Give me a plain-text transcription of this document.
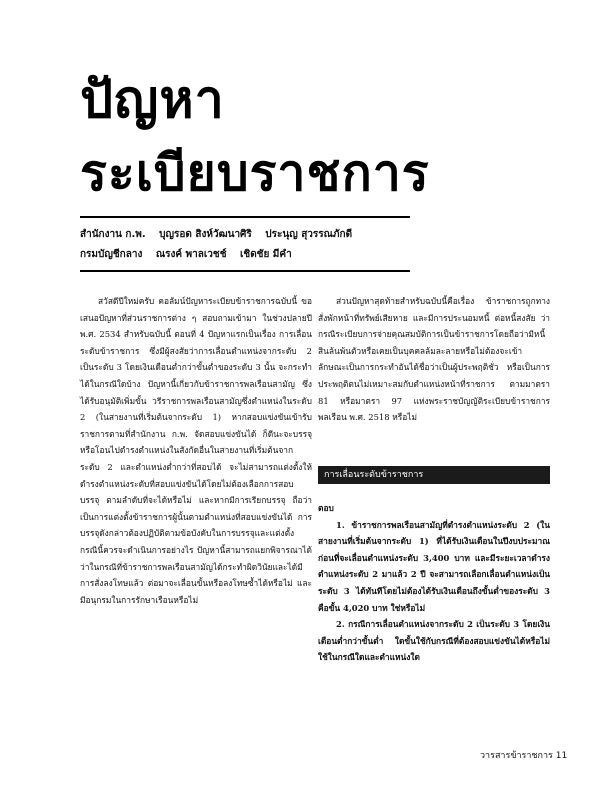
ปัญหา
ระเบียบราชการ
สำนักงาน ก.พ. บุญรอด สิงห์วัฒนาศิริ ประนุญ สุวรรณภักดี
กรมบัญชีกลาง ณรงค์ พาลเวชช์ เชิดชัย มีคำ

สวัสดีปีใหม่ครับ คอลัมน์ปัญหาระเบียบข้าราชการฉบับนี้ ขอเสนอปัญหาที่ส่วนราชการต่าง ๆ สอบถามเข้ามา ในช่วงปลายปี พ.ศ. 2534 สำหรับฉบับนี้ ตอนที่ 4 ปัญหาแรกเป็นเรื่อง การเลื่อนระดับข้าราชการ ซึ่งมีผู้สงสัยว่าการเลื่อนตำแหน่งจากระดับ 2 เป็นระดับ 3 โดยเงินเดือนต่ำกว่าขั้นต่ำของระดับ 3 นั้น จะกระทำได้ในกรณีใดบ้าง ปัญหานี้เกี่ยวกับข้าราชการพลเรือนสามัญ ซึ่งได้รับอนุมัติเพิ่มขั้น วรีราชการพลเรือนสามัญซึ่งตำแหน่งในระดับ 2 (ในสายงานที่เริ่มต้นจากระดับ 1) หากสอบแข่งขันเข้ารับราชการตามที่สำนักงาน ก.พ. จัดสอบแข่งขันได้ ก็ดีนะจะบรรจุหรือโอนไปดำรงตำแหน่งในสังกัดอื่นในสายงานที่เริ่มต้นจากระดับ 2 และตำแหน่งต่ำกว่าที่สอบได้ จะไม่สามารถแต่งตั้งให้ดำรงตำแหน่งระดับที่สอบแข่งขันได้โดยไม่ต้องเลือกการสอบบรรจุ ตามลำดับที่จะได้หรือไม่ และหากมีการเรียกบรรจุ ถือว่าเป็นการแต่งตั้งข้าราชการผู้นั้นตามตำแหน่งที่สอบแข่งขันได้ การบรรจุดังกล่าวต้องปฏิบัติตามข้อบังคับในการบรรจุและแต่งตั้ง กรณีนี้ควรจะดำเนินการอย่างไร ปัญหานี้สามารถแยกพิจารณาได้ว่าในกรณีที่ข้าราชการพลเรือนสามัญได้กระทำผิดวินัยและได้มีการสั่งลงโทษแล้ว ต่อมาจะเลื่อนขั้นหรือลงโทษซ้ำได้หรือไม่ และมีอนุกรมในการรักษาเรือนหรือไม่

ส่วนปัญหาสุดท้ายสำหรับฉบับนี้คือเรื่อง ข้าราชการถูกทางสั่งพักหน้าที่ทรัพย์เสียหาย และมีการประนอมหนี้ ต่อหนี้สงสัย ว่ากรณีระเบียบการจ่ายคุณสมบัติการเป็นข้าราชการโดยถือว่ามีหนี้สินล้นพ้นตัวหรือเคยเป็นบุคคลล้มละลายหรือไม่ต้องจะเข้าลักษณะเป็นการกระทำอันได้ชื่อว่าเป็นผู้ประพฤติชั่ว หรือเป็นการประพฤติตนไม่เหมาะสมกับตำแหน่งหน้าที่ราชการ ตามมาตรา 81 หรือมาตรา 97 แห่งพระราชบัญญัติระเบียบข้าราชการพลเรือน พ.ศ. 2518 หรือไม่

การเลื่อนระดับข้าราชการ
ตอบ

1. ข้าราชการพลเรือนสามัญที่ดำรงตำแหน่งระดับ 2 (ในสายงานที่เริ่มต้นจากระดับ 1) ที่ได้รับเงินเดือนในปีงบประมาณก่อนที่จะเลื่อนตำแหน่งระดับ 3,400 บาท และมีระยะเวลาดำรงตำแหน่งระดับ 2 มาแล้ว 2 ปี จะสามารถเลือกเลื่อนตำแหน่งเป็นระดับ 3 ได้ทันทีโดยไม่ต้องได้รับเงินเดือนถึงขั้นต่ำของระดับ 3 คือขั้น 4,020 บาท ใช่หรือไม่

2. กรณีการเลื่อนตำแหน่งจากระดับ 2 เป็นระดับ 3 โดยเงินเดือนต่ำกว่าขั้นต่ำ ใดขั้นใช้กับกรณีที่ต้องสอบแข่งขันได้หรือไม่ ใช้ในกรณีใดและตำแหน่งใด

วารสารข้าราชการ 11
